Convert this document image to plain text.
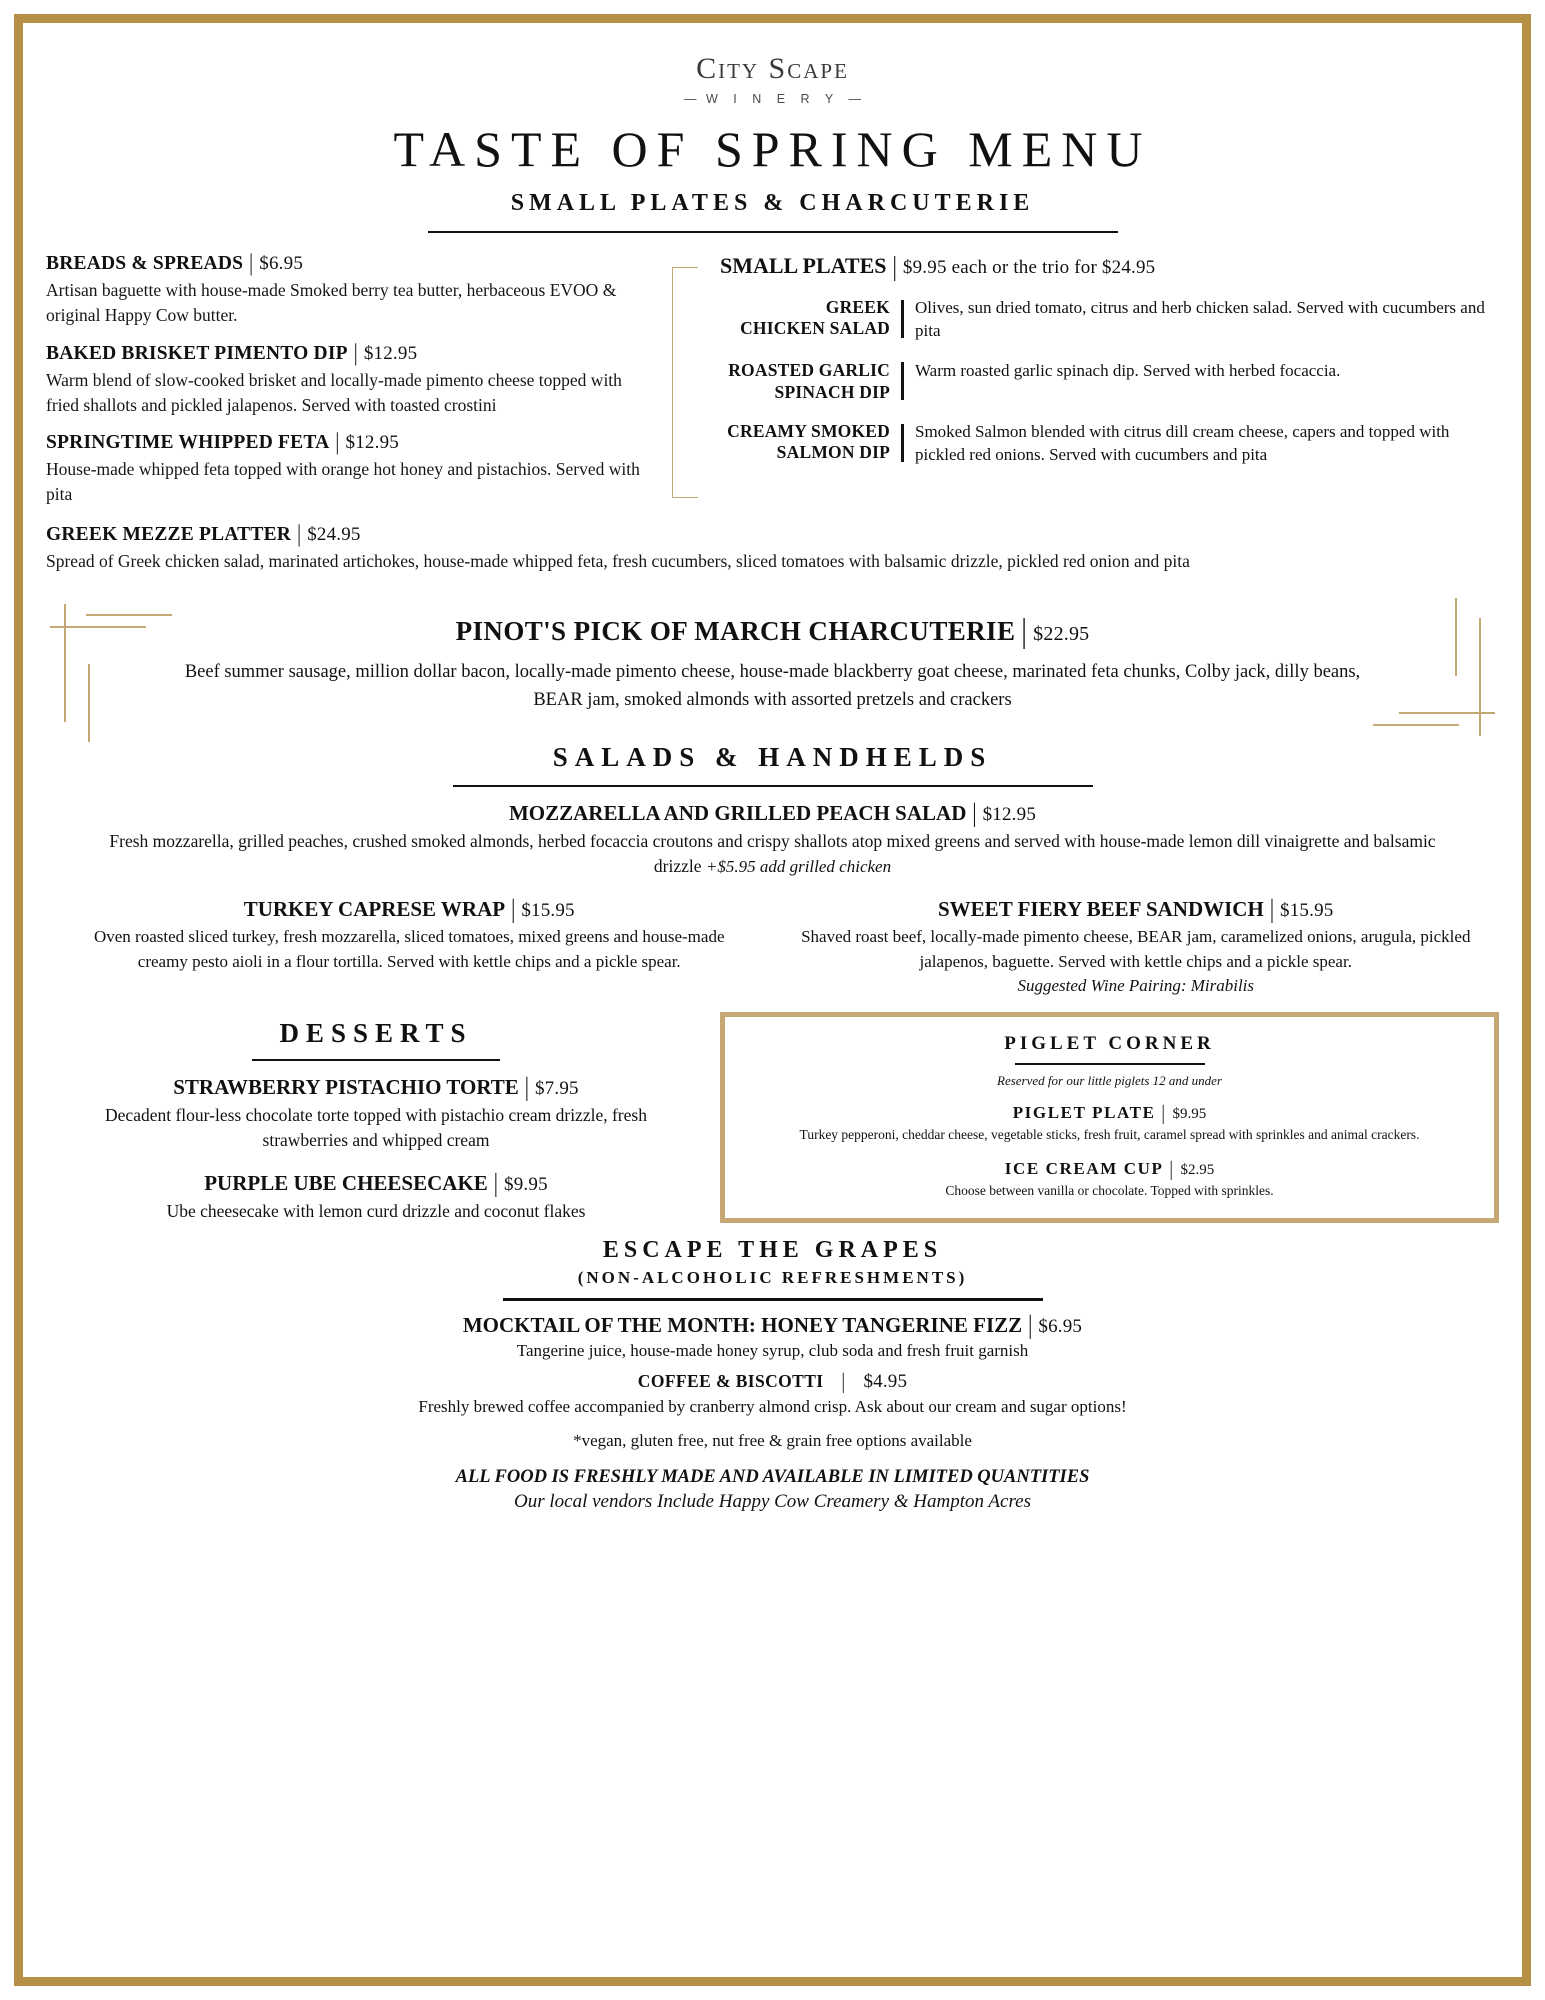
City Scape
— W I N E R Y —
TASTE OF SPRING MENU
SMALL PLATES & CHARCUTERIE
BREADS & SPREADS | $6.95
Artisan baguette with house-made Smoked berry tea butter, herbaceous EVOO & original Happy Cow butter.
BAKED BRISKET PIMENTO DIP | $12.95
Warm blend of slow-cooked brisket and locally-made pimento cheese topped with fried shallots and pickled jalapenos. Served with toasted crostini
SPRINGTIME WHIPPED FETA | $12.95
House-made whipped feta topped with orange hot honey and pistachios. Served with pita
SMALL PLATES | $9.95 each or the trio for $24.95
GREEK
CHICKEN SALAD
Olives, sun dried tomato, citrus and herb chicken salad. Served with cucumbers and pita
ROASTED GARLIC
SPINACH DIP
Warm roasted garlic spinach dip. Served with herbed focaccia.
CREAMY SMOKED
SALMON DIP
Smoked Salmon blended with citrus dill cream cheese, capers and topped with pickled red onions. Served with cucumbers and pita
GREEK MEZZE PLATTER | $24.95
Spread of Greek chicken salad, marinated artichokes, house-made whipped feta, fresh cucumbers, sliced tomatoes with balsamic drizzle, pickled red onion and pita
PINOT'S PICK OF MARCH CHARCUTERIE | $22.95
Beef summer sausage, million dollar bacon, locally-made pimento cheese, house-made blackberry goat cheese, marinated feta chunks, Colby jack, dilly beans, BEAR jam, smoked almonds with assorted pretzels and crackers
SALADS & HANDHELDS
MOZZARELLA AND GRILLED PEACH SALAD | $12.95
Fresh mozzarella, grilled peaches, crushed smoked almonds, herbed focaccia croutons and crispy shallots atop mixed greens and served with house-made lemon dill vinaigrette and balsamic drizzle +$5.95 add grilled chicken
TURKEY CAPRESE WRAP | $15.95
Oven roasted sliced turkey, fresh mozzarella, sliced tomatoes, mixed greens and house-made creamy pesto aioli in a flour tortilla. Served with kettle chips and a pickle spear.
SWEET FIERY BEEF SANDWICH | $15.95
Shaved roast beef, locally-made pimento cheese, BEAR jam, caramelized onions, arugula, pickled jalapenos, baguette. Served with kettle chips and a pickle spear.
Suggested Wine Pairing: Mirabilis
DESSERTS
STRAWBERRY PISTACHIO TORTE | $7.95
Decadent flour-less chocolate torte topped with pistachio cream drizzle, fresh strawberries and whipped cream
PURPLE UBE CHEESECAKE | $9.95
Ube cheesecake with lemon curd drizzle and coconut flakes
PIGLET CORNER
Reserved for our little piglets 12 and under
PIGLET PLATE | $9.95
Turkey pepperoni, cheddar cheese, vegetable sticks, fresh fruit, caramel spread with sprinkles and animal crackers.
ICE CREAM CUP | $2.95
Choose between vanilla or chocolate. Topped with sprinkles.
ESCAPE THE GRAPES
(NON-ALCOHOLIC REFRESHMENTS)
MOCKTAIL OF THE MONTH: HONEY TANGERINE FIZZ | $6.95
Tangerine juice, house-made honey syrup, club soda and fresh fruit garnish
COFFEE & BISCOTTI | $4.95
Freshly brewed coffee accompanied by cranberry almond crisp. Ask about our cream and sugar options!
*vegan, gluten free, nut free & grain free options available
ALL FOOD IS FRESHLY MADE AND AVAILABLE IN LIMITED QUANTITIES
Our local vendors Include Happy Cow Creamery & Hampton Acres
